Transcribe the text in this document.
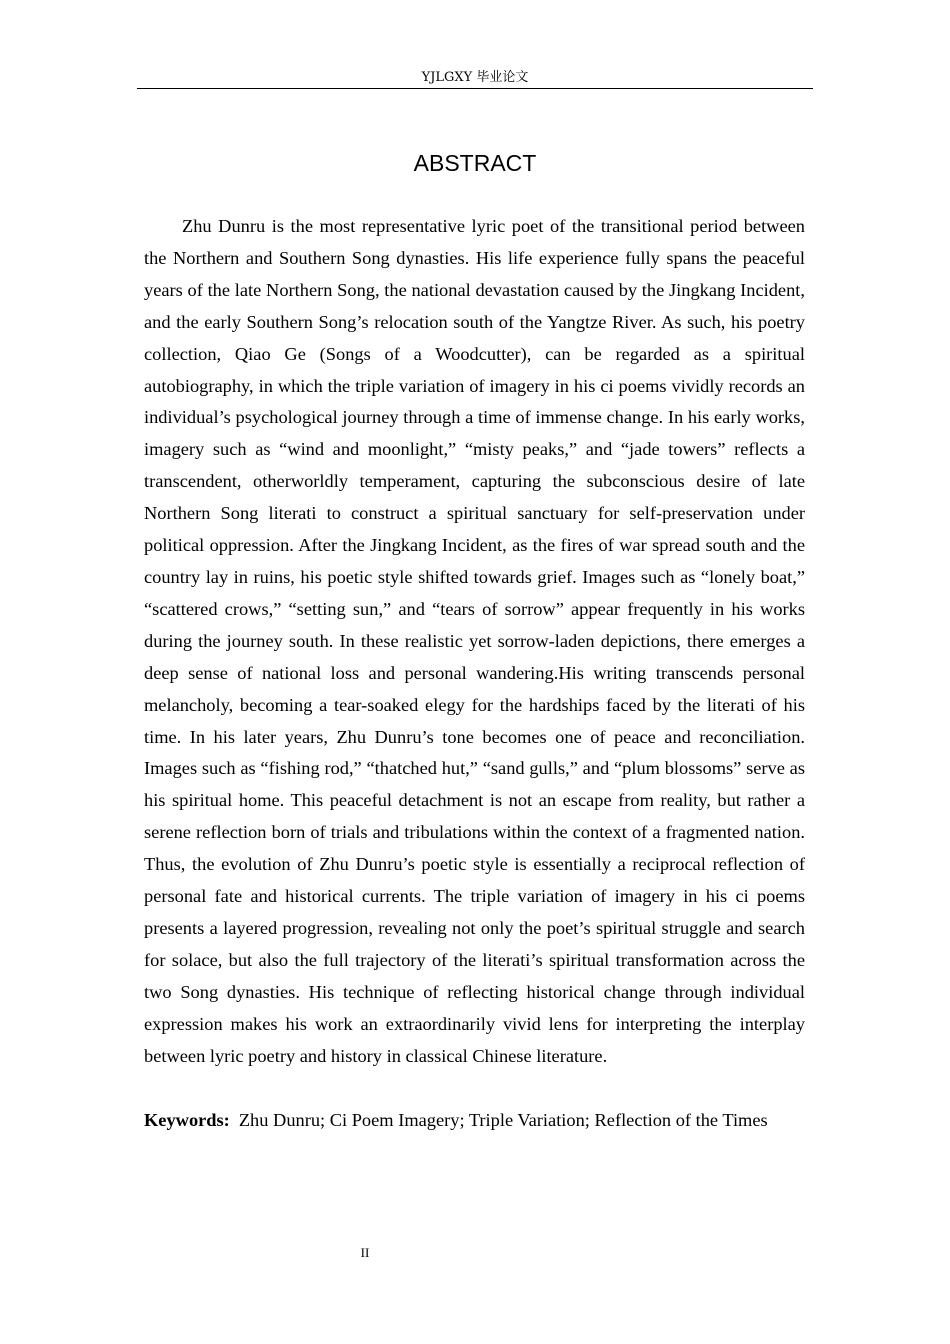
YJLGXY 毕业论文
ABSTRACT

Zhu Dunru is the most representative lyric poet of the transitional period between the Northern and Southern Song dynasties. His life experience fully spans the peaceful years of the late Northern Song, the national devastation caused by the Jingkang Incident, and the early Southern Song’s relocation south of the Yangtze River. As such, his poetry collection, Qiao Ge (Songs of a Woodcutter), can be regarded as a spiritual autobiography, in which the triple variation of imagery in his ci poems vividly records an individual’s psychological journey through a time of immense change. In his early works, imagery such as “wind and moonlight,” “misty peaks,” and “jade towers” reflects a transcendent, otherworldly temperament, capturing the subconscious desire of late Northern Song literati to construct a spiritual sanctuary for self-preservation under political oppression. After the Jingkang Incident, as the fires of war spread south and the country lay in ruins, his poetic style shifted towards grief. Images such as “lonely boat,” “scattered crows,” “setting sun,” and “tears of sorrow” appear frequently in his works during the journey south. In these realistic yet sorrow-laden depictions, there emerges a deep sense of national loss and personal wandering.His writing transcends personal melancholy, becoming a tear-soaked elegy for the hardships faced by the literati of his time. In his later years, Zhu Dunru’s tone becomes one of peace and reconciliation. Images such as “fishing rod,” “thatched hut,” “sand gulls,” and “plum blossoms” serve as his spiritual home. This peaceful detachment is not an escape from reality, but rather a serene reflection born of trials and tribulations within the context of a fragmented nation. Thus, the evolution of Zhu Dunru’s poetic style is essentially a reciprocal reflection of personal fate and historical currents. The triple variation of imagery in his ci poems presents a layered progression, revealing not only the poet’s spiritual struggle and search for solace, but also the full trajectory of the literati’s spiritual transformation across the two Song dynasties. His technique of reflecting historical change through individual expression makes his work an extraordinarily vivid lens for interpreting the interplay between lyric poetry and history in classical Chinese literature.

Keywords: Zhu Dunru; Ci Poem Imagery; Triple Variation; Reflection of the Times
II
